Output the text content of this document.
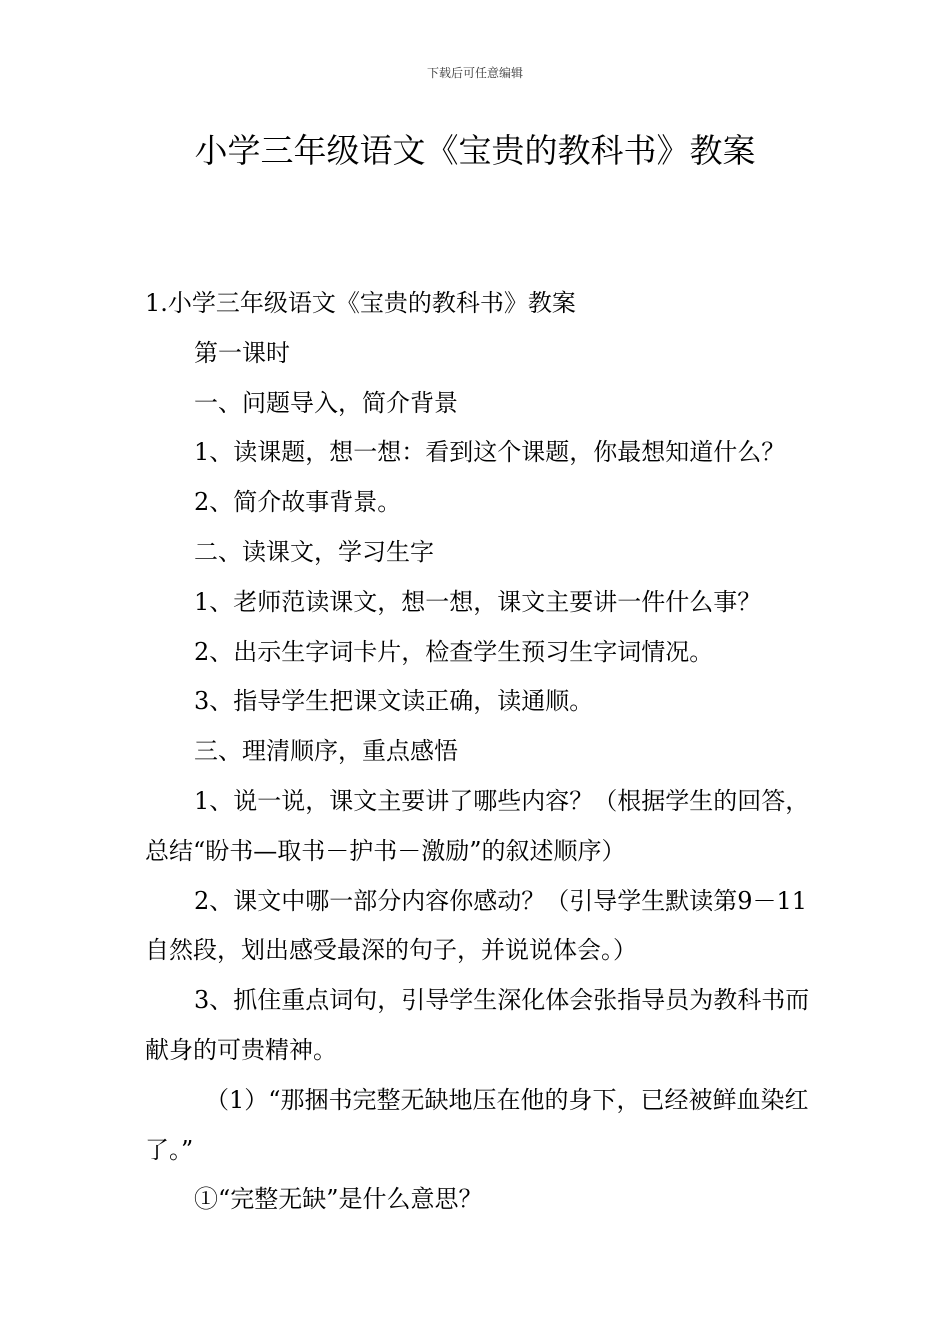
下载后可任意编辑
小学三年级语文《宝贵的教科书》教案

1.小学三年级语文《宝贵的教科书》教案

第一课时

一、问题导入，简介背景

1、读课题，想一想：看到这个课题，你最想知道什么？

2、简介故事背景。

二、读课文，学习生字

1、老师范读课文，想一想，课文主要讲一件什么事？

2、出示生字词卡片，检查学生预习生字词情况。

3、指导学生把课文读正确，读通顺。

三、理清顺序，重点感悟

1、说一说，课文主要讲了哪些内容？（根据学生的回答，总结“盼书—取书－护书－激励”的叙述顺序）

2、课文中哪一部分内容你感动？（引导学生默读第9－11自然段，划出感受最深的句子，并说说体会。）

3、抓住重点词句，引导学生深化体会张指导员为教科书而献身的可贵精神。

（1）“那捆书完整无缺地压在他的身下，已经被鲜血染红了。”

①“完整无缺”是什么意思？
